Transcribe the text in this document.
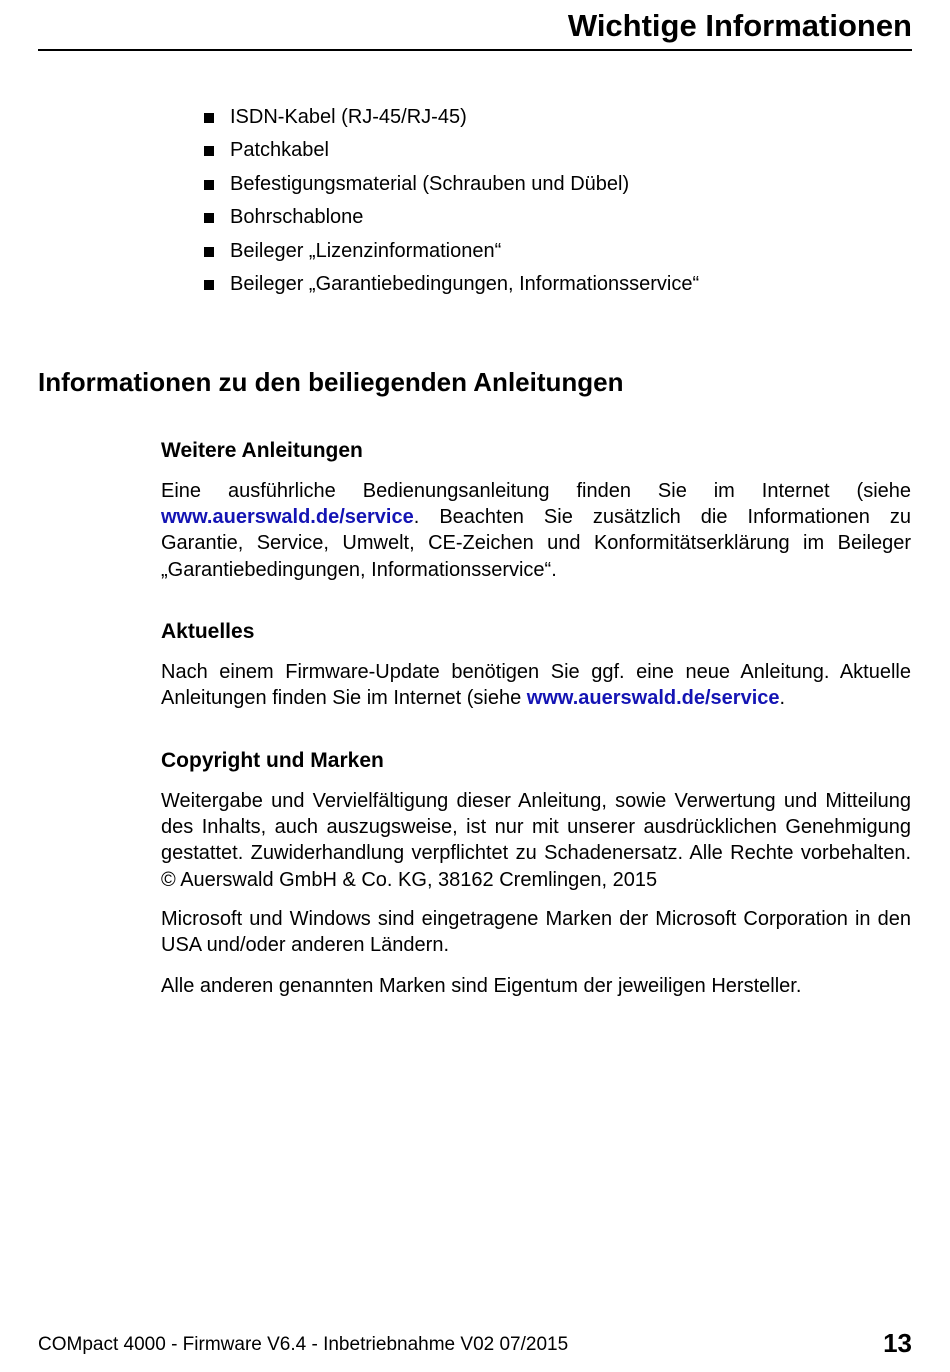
Wichtige Informationen
ISDN-Kabel (RJ-45/RJ-45)
Patchkabel
Befestigungsmaterial (Schrauben und Dübel)
Bohrschablone
Beileger „Lizenzinformationen“
Beileger „Garantiebedingungen, Informationsservice“
Informationen zu den beiliegenden Anleitungen
Weitere Anleitungen

Eine ausführliche Bedienungsanleitung finden Sie im Internet (siehe www.auerswald.de/service. Beachten Sie zusätzlich die Informationen zu Garantie, Service, Umwelt, CE-Zeichen und Konformitätserklärung im Beileger „Garantiebedingungen, Informationsservice“.

Aktuelles

Nach einem Firmware-Update benötigen Sie ggf. eine neue Anleitung. Aktuelle Anleitungen finden Sie im Internet (siehe www.auerswald.de/service.

Copyright und Marken

Weitergabe und Vervielfältigung dieser Anleitung, sowie Verwertung und Mitteilung des Inhalts, auch auszugsweise, ist nur mit unserer ausdrücklichen Genehmigung gestattet. Zuwiderhandlung verpflichtet zu Schadenersatz. Alle Rechte vorbehalten. © Auerswald GmbH & Co. KG, 38162 Cremlingen, 2015

Microsoft und Windows sind eingetragene Marken der Microsoft Corporation in den USA und/oder anderen Ländern.

Alle anderen genannten Marken sind Eigentum der jeweiligen Hersteller.

COMpact 4000 - Firmware V6.4 - Inbetriebnahme V02 07/2015	13
